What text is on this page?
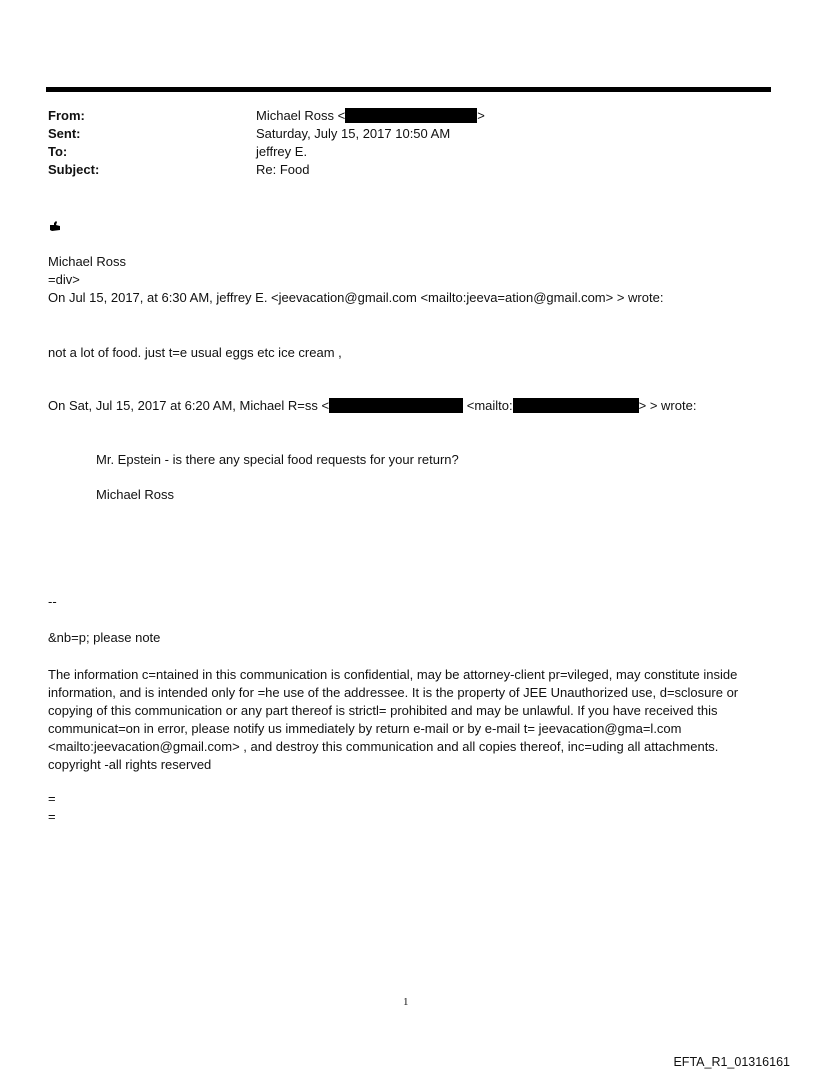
From:	Michael Ross <	>
Sent:	Saturday, July 15, 2017 10:50 AM
To:	jeffrey E.
Subject:	Re: Food
Michael Ross
=div>
On Jul 15, 2017, at 6:30 AM, jeffrey E. <jeevacation@gmail.com <mailto:jeeva=ation@gmail.com> > wrote:
not a lot of food. just t=e usual eggs etc ice cream ,
On Sat, Jul 15, 2017 at 6:20 AM, Michael R=ss <	<mailto:	> > wrote:
Mr. Epstein - is there any special food requests for your return?
Michael Ross
--
&nb=p; please note
The information c=ntained in this communication is confidential, may be attorney-client pr=vileged, may constitute inside information, and is intended only for =he use of the addressee. It is the property of JEE Unauthorized use, d=sclosure or copying of this communication or any part thereof is strictl= prohibited and may be unlawful. If you have received this communicat=on in error, please notify us immediately by return e-mail or by e-mail t= jeevacation@gma=l.com <mailto:jeevacation@gmail.com> , and destroy this communication and all copies thereof, inc=uding all attachments. copyright -all rights reserved
=
=
1
EFTA_R1_01316161
